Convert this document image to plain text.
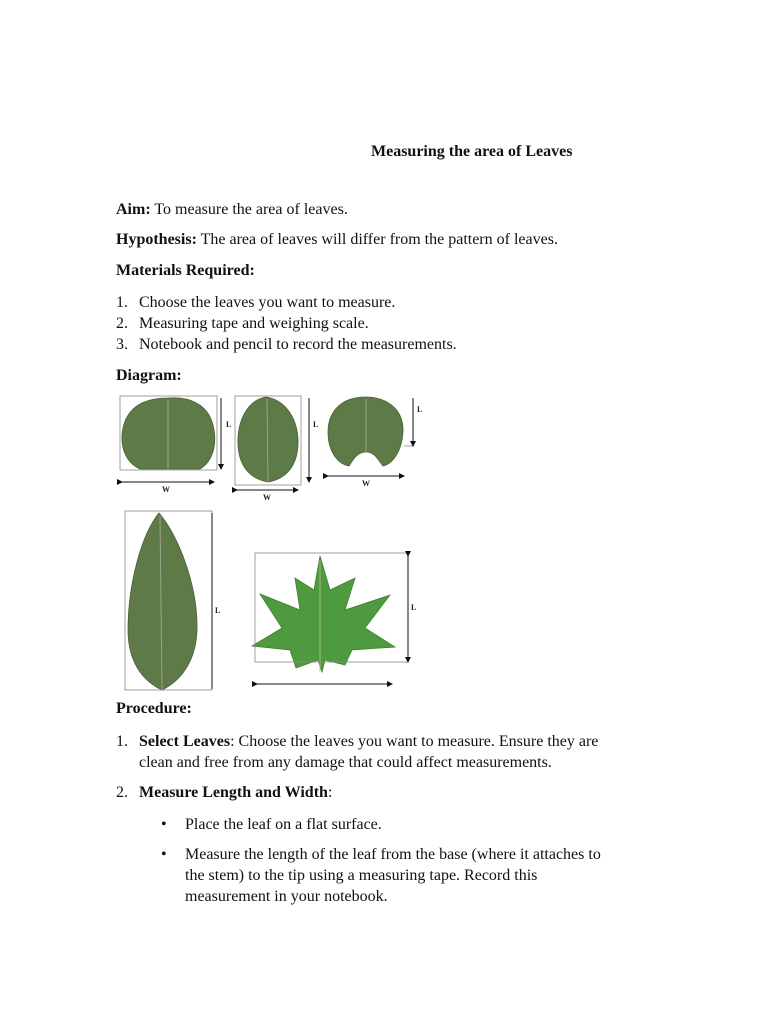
Measuring the area of Leaves
Aim: To measure the area of leaves.
Hypothesis: The area of leaves will differ from the pattern of leaves.
Materials Required:
1. Choose the leaves you want to measure.
2. Measuring tape and weighing scale.
3. Notebook and pencil to record the measurements.
Diagram:
L
W
L
W
L
W
L	L
Procedure:
1. Select Leaves: Choose the leaves you want to measure. Ensure they are
clean and free from any damage that could affect measurements.
2. Measure Length and Width:
• Place the leaf on a flat surface.
• Measure the length of the leaf from the base (where it attaches to
the stem) to the tip using a measuring tape. Record this
measurement in your notebook.
